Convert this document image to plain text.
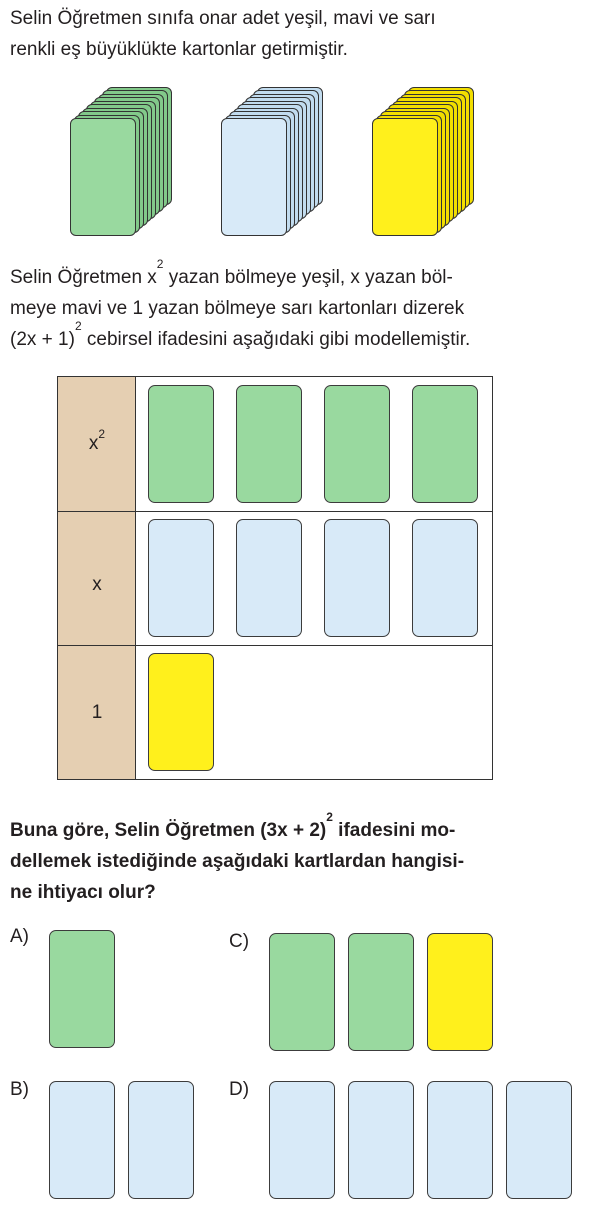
Selin Öğretmen sınıfa onar adet yeşil, mavi ve sarı
renkli eş büyüklükte kartonlar getirmiştir.
Selin Öğretmen $x^2$ yazan bölmeye yeşil, x yazan böl-
meye mavi ve 1 yazan bölmeye sarı kartonları dizerek
$(2x + 1)^2$ cebirsel ifadesini aşağıdaki gibi modellemiştir.
$x^2$
x
1
Buna göre, Selin Öğretmen $(3x + 2)^2$ ifadesini mo-
dellemek istediğinde aşağıdaki kartlardan hangisi-
ne ihtiyacı olur?
A)
B)
C)
D)
